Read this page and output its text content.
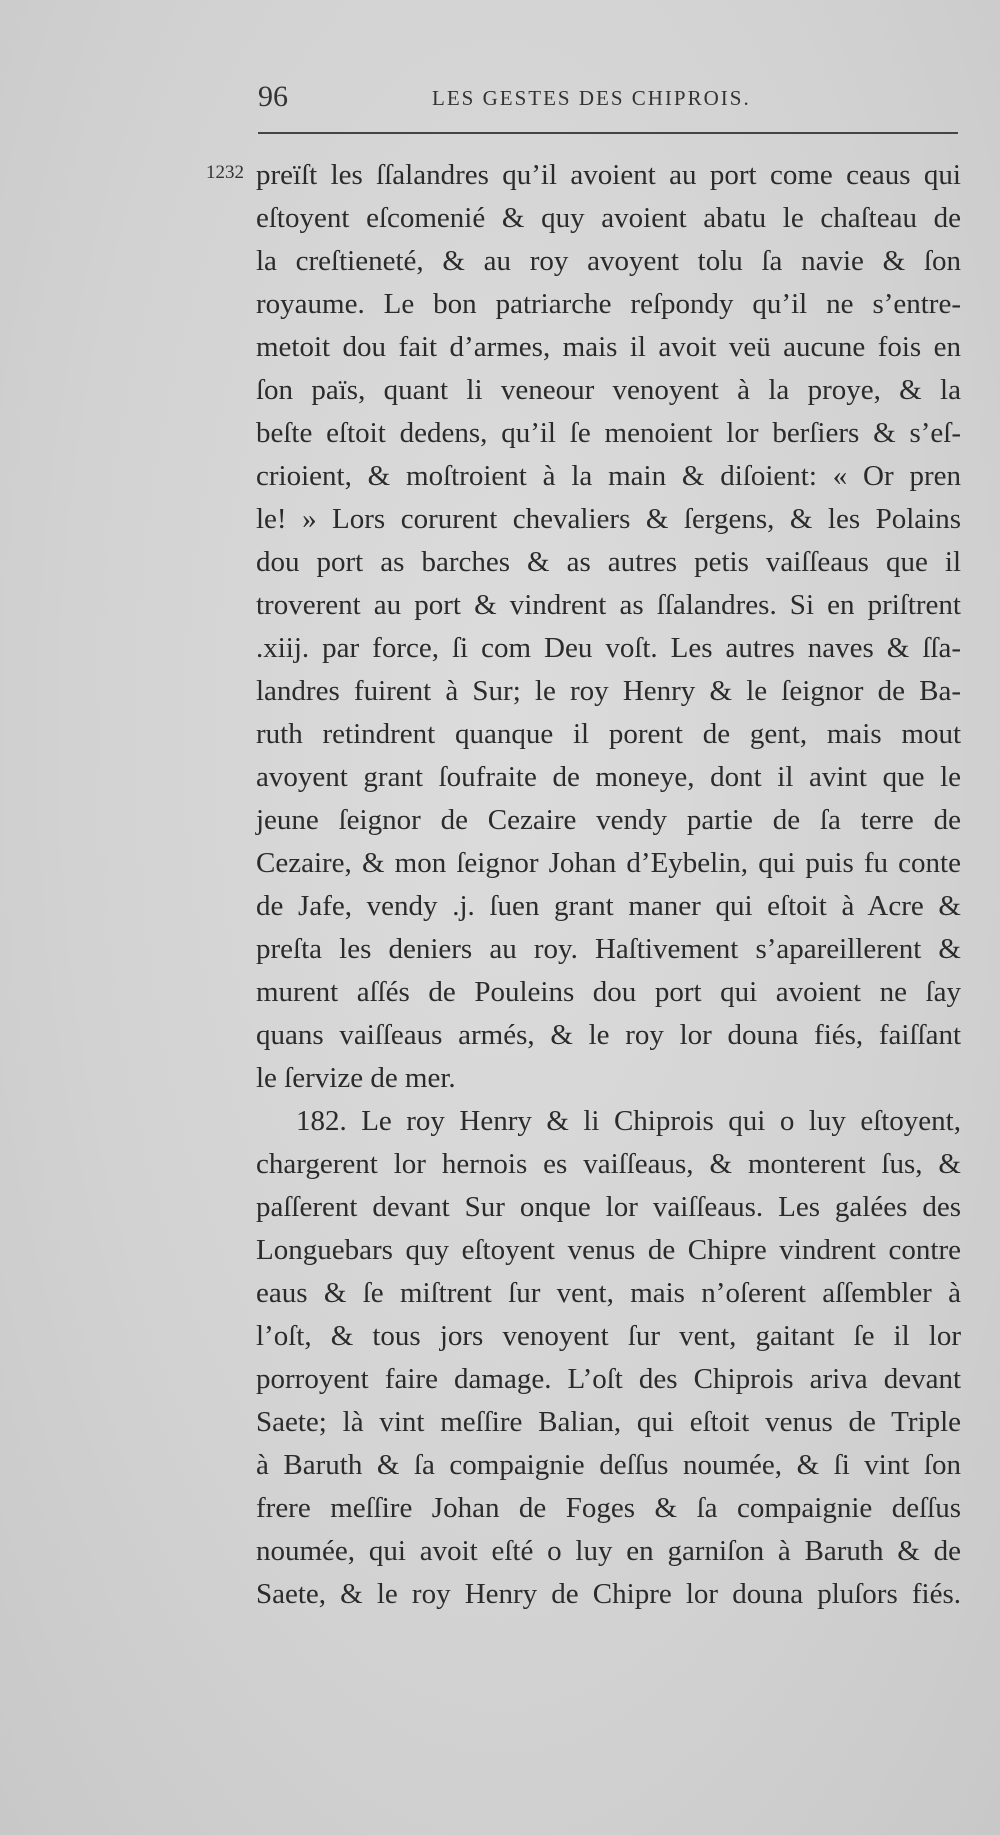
96	LES GESTES DES CHIPROIS.
1232 preïſt les ſſalandres qu’il avoient au port come ceaus qui
eſtoyent eſcomenié & quy avoient abatu le chaſteau de
la creſtieneté, & au roy avoyent tolu ſa navie & ſon
royaume. Le bon patriarche reſpondy qu’il ne s’entre-
metoit dou fait d’armes, mais il avoit veü aucune fois en
ſon païs, quant li veneour venoyent à la proye, & la
beſte eſtoit dedens, qu’il ſe menoient lor berſiers & s’eſ-
crioient, & moſtroient à la main & diſoient: « Or pren
le! » Lors corurent chevaliers & ſergens, & les Polains
dou port as barches & as autres petis vaiſſeaus que il
troverent au port & vindrent as ſſalandres. Si en priſtrent
.xiij. par force, ſi com Deu voſt. Les autres naves & ſſa-
landres fuirent à Sur; le roy Henry & le ſeignor de Ba-
ruth retindrent quanque il porent de gent, mais mout
avoyent grant ſoufraite de moneye, dont il avint que le
jeune ſeignor de Cezaire vendy partie de ſa terre de
Cezaire, & mon ſeignor Johan d’Eybelin, qui puis fu conte
de Jafe, vendy .j. ſuen grant maner qui eſtoit à Acre &
preſta les deniers au roy. Haſtivement s’apareillerent &
murent aſſés de Pouleins dou port qui avoient ne ſay
quans vaiſſeaus armés, & le roy lor douna fiés, faiſſant
le ſervize de mer.
182. Le roy Henry & li Chiprois qui o luy eſtoyent,
chargerent lor hernois es vaiſſeaus, & monterent ſus, &
paſſerent devant Sur onque lor vaiſſeaus. Les galées des
Longuebars quy eſtoyent venus de Chipre vindrent contre
eaus & ſe miſtrent ſur vent, mais n’oſerent aſſembler à
l’oſt, & tous jors venoyent ſur vent, gaitant ſe il lor
porroyent faire damage. L’oſt des Chiprois ariva devant
Saete; là vint meſſire Balian, qui eſtoit venus de Triple
à Baruth & ſa compaignie deſſus noumée, & ſi vint ſon
frere meſſire Johan de Foges & ſa compaignie deſſus
noumée, qui avoit eſté o luy en garniſon à Baruth & de
Saete, & le roy Henry de Chipre lor douna pluſors fiés.
